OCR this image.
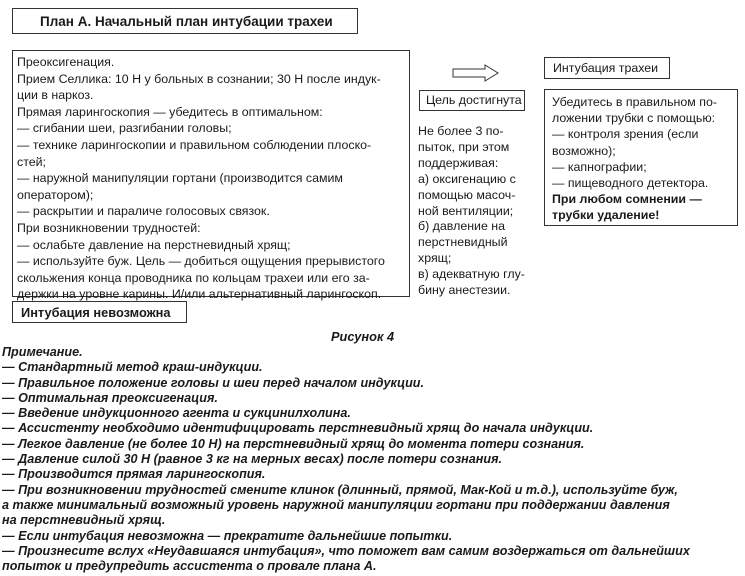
План А. Начальный план интубации трахеи
Преоксигенация.
Прием Селлика: 10 Н у больных в сознании; 30 Н после индук-
ции в наркоз.
Прямая ларингоскопия — убедитесь в оптимальном:
— сгибании шеи, разгибании головы;
— технике ларингоскопии и правильном соблюдении плоско-
стей;
— наружной манипуляции гортани (производится самим
оператором);
— раскрытии и параличе голосовых связок.
При возникновении трудностей:
— ослабьте давление на перстневидный хрящ;
— используйте буж. Цель — добиться ощущения прерывистого
скольжения конца проводника по кольцам трахеи или его за-
держки на уровне карины. И/или альтернативный ларингоскоп.
Интубация невозможна
Цель достигнута
Не более 3 по-
пыток, при этом
поддерживая:
а) оксигенацию с
помощью масоч-
ной вентиляции;
б) давление на
перстневидный
хрящ;
в) адекватную глу-
бину анестезии.
Интубация трахеи
Убедитесь в правильном по-
ложении трубки с помощью:
— контроля зрения (если
возможно);
— капнографии;
— пищеводного детектора.
При любом сомнении —
трубки удаление!
Рисунок 4
Примечание.
— Стандартный метод краш-индукции.
— Правильное положение головы и шеи перед началом индукции.
— Оптимальная преоксигенация.
— Введение индукционного агента и сукцинилхолина.
— Ассистенту необходимо идентифицировать перстневидный хрящ до начала индукции.
— Легкое давление (не более 10 Н) на перстневидный хрящ до момента потери сознания.
— Давление силой 30 Н (равное 3 кг на мерных весах) после потери сознания.
— Производится прямая ларингоскопия.
— При возникновении трудностей смените клинок (длинный, прямой, Мак-Кой и т.д.), используйте буж,
а также минимальный возможный уровень наружной манипуляции гортани при поддержании давления
на перстневидный хрящ.
— Если интубация невозможна — прекратите дальнейшие попытки.
— Произнесите вслух «Неудавшаяся интубация», что поможет вам самим воздержаться от дальнейших
попыток и предупредить ассистента о провале плана А.
